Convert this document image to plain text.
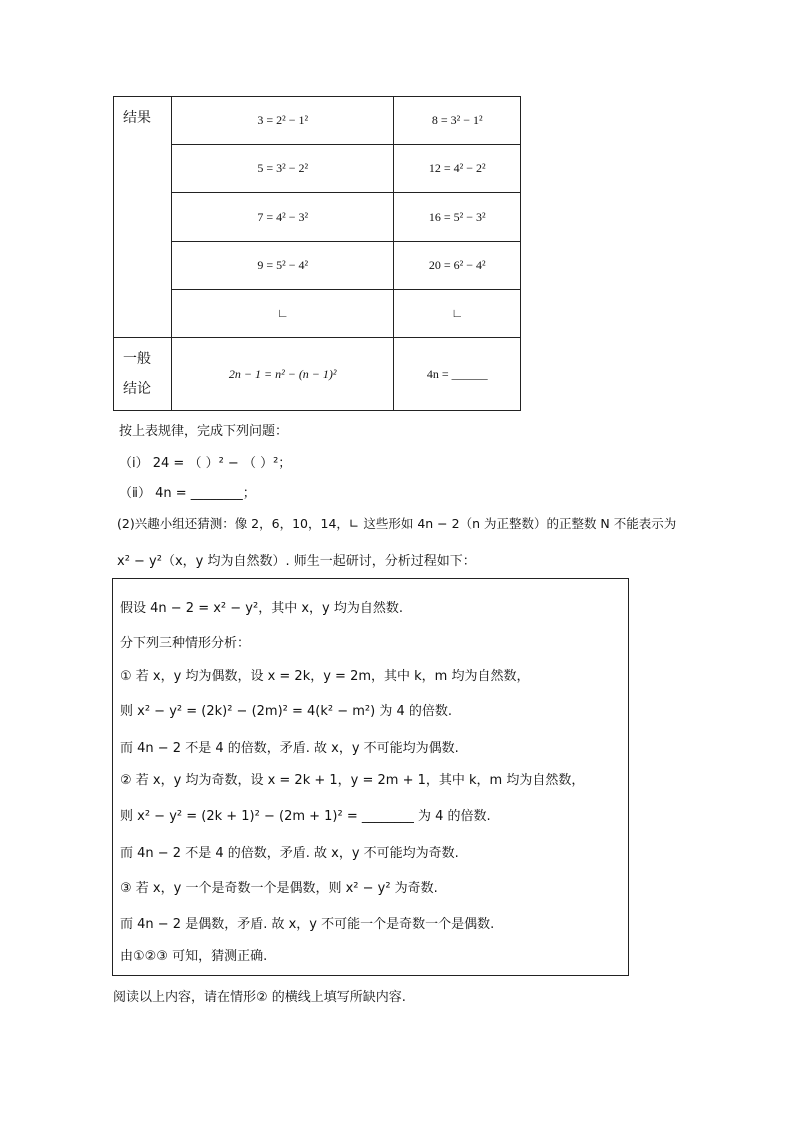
结果	3 = 2² − 1²	8 = 3² − 1²
	5 = 3² − 2²	12 = 4² − 2²
	7 = 4² − 3²	16 = 5² − 3²
	9 = 5² − 4²	20 = 6² − 4²
	∟	∟
一般
结论	2n − 1 = n² − (n − 1)²	4n = ______
按上表规律，完成下列问题：
（ⅰ） 24 = （ ）² − （ ）²；
（ⅱ） 4n = ________；
(2)兴趣小组还猜测：像 2，6，10，14，∟ 这些形如 4n − 2（n 为正整数）的正整数 N 不能表示为
x² − y²（x，y 均为自然数）. 师生一起研讨，分析过程如下：
假设 4n − 2 = x² − y²，其中 x，y 均为自然数.
分下列三种情形分析：
① 若 x，y 均为偶数，设 x = 2k，y = 2m，其中 k，m 均为自然数，
则 x² − y² = (2k)² − (2m)² = 4(k² − m²) 为 4 的倍数.
而 4n − 2 不是 4 的倍数，矛盾. 故 x，y 不可能均为偶数.
② 若 x，y 均为奇数，设 x = 2k + 1，y = 2m + 1，其中 k，m 均为自然数，
则 x² − y² = (2k + 1)² − (2m + 1)² = ________ 为 4 的倍数.
而 4n − 2 不是 4 的倍数，矛盾. 故 x，y 不可能均为奇数.
③ 若 x，y 一个是奇数一个是偶数，则 x² − y² 为奇数.
而 4n − 2 是偶数，矛盾. 故 x，y 不可能一个是奇数一个是偶数.
由①②③ 可知，猜测正确.
阅读以上内容，请在情形② 的横线上填写所缺内容.
